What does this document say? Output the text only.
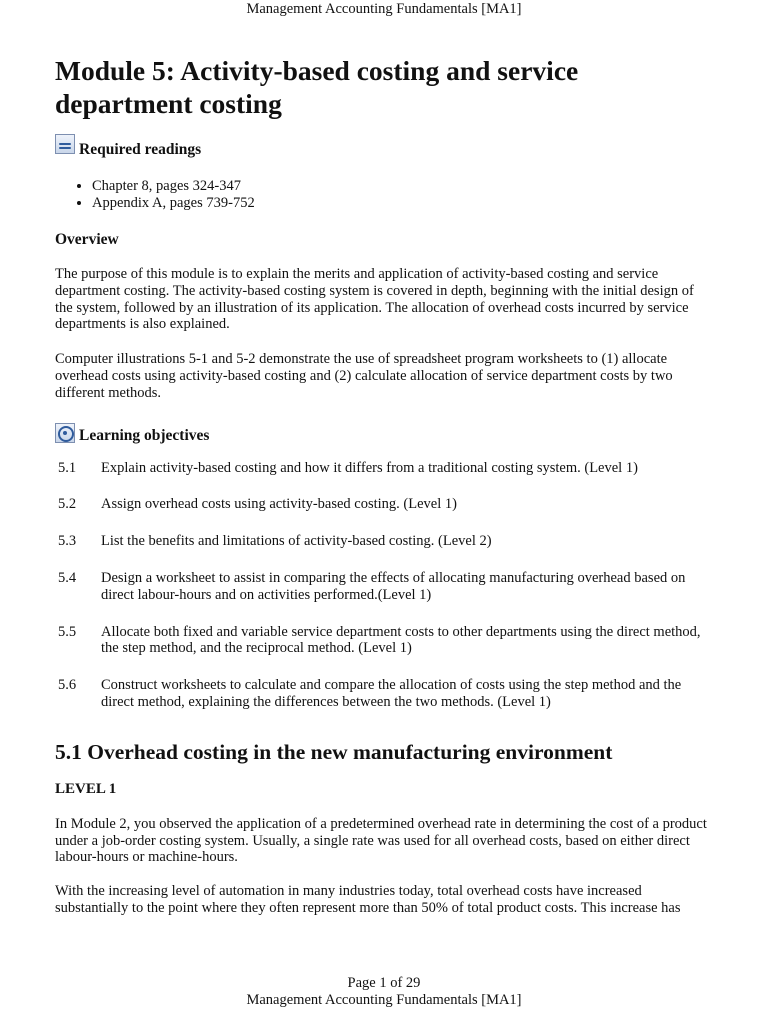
Management Accounting Fundamentals [MA1]
Module 5: Activity-based costing and service department costing
Required readings
• Chapter 8, pages 324-347
• Appendix A, pages 739-752
Overview

The purpose of this module is to explain the merits and application of activity-based costing and service department costing. The activity-based costing system is covered in depth, beginning with the initial design of the system, followed by an illustration of its application. The allocation of overhead costs incurred by service departments is also explained.

Computer illustrations 5-1 and 5-2 demonstrate the use of spreadsheet program worksheets to (1) allocate overhead costs using activity-based costing and (2) calculate allocation of service department costs by two different methods.

Learning objectives
5.1	Explain activity-based costing and how it differs from a traditional costing system. (Level 1)
5.2	Assign overhead costs using activity-based costing. (Level 1)
5.3	List the benefits and limitations of activity-based costing. (Level 2)
5.4	Design a worksheet to assist in comparing the effects of allocating manufacturing overhead based on direct labour-hours and on activities performed.(Level 1)
5.5	Allocate both fixed and variable service department costs to other departments using the direct method, the step method, and the reciprocal method. (Level 1)
5.6	Construct worksheets to calculate and compare the allocation of costs using the step method and the direct method, explaining the differences between the two methods. (Level 1)
5.1 Overhead costing in the new manufacturing environment
LEVEL 1

In Module 2, you observed the application of a predetermined overhead rate in determining the cost of a product under a job-order costing system. Usually, a single rate was used for all overhead costs, based on either direct labour-hours or machine-hours.

With the increasing level of automation in many industries today, total overhead costs have increased substantially to the point where they often represent more than 50% of total product costs. This increase has

Page 1 of 29
Management Accounting Fundamentals [MA1]
